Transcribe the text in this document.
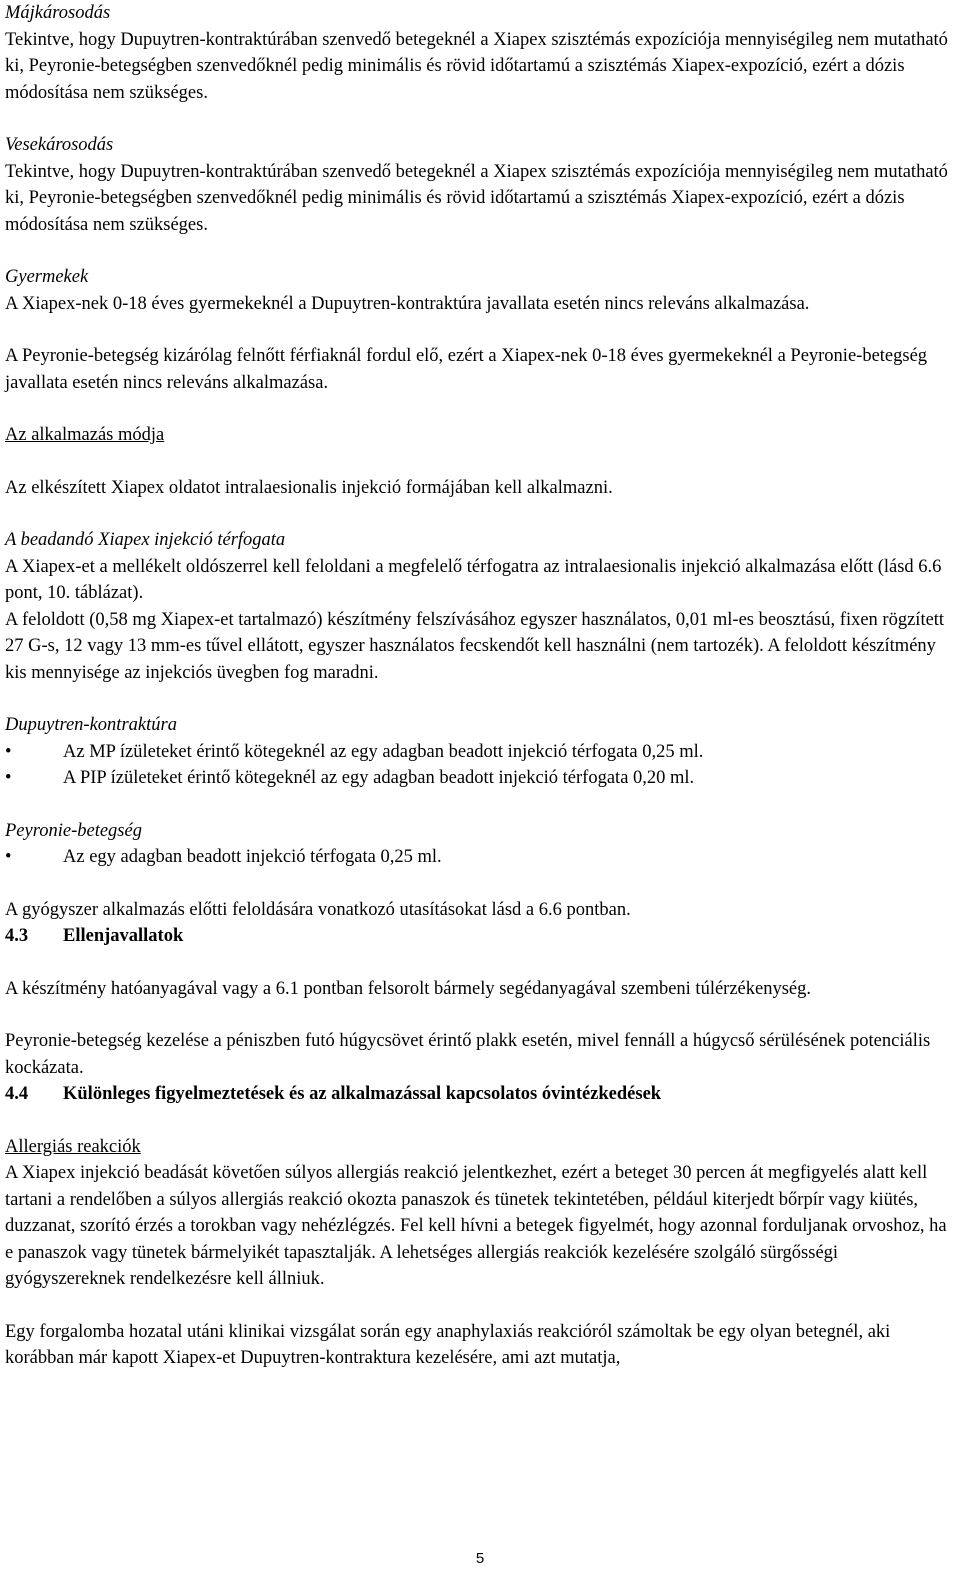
Májkárosodás

Tekintve, hogy Dupuytren-kontraktúrában szenvedő betegeknél a Xiapex szisztémás expozíciója mennyiségileg nem mutatható ki, Peyronie-betegségben szenvedőknél pedig minimális és rövid időtartamú a szisztémás Xiapex-expozíció, ezért a dózis módosítása nem szükséges.

Vesekárosodás

Tekintve, hogy Dupuytren-kontraktúrában szenvedő betegeknél a Xiapex szisztémás expozíciója mennyiségileg nem mutatható ki, Peyronie-betegségben szenvedőknél pedig minimális és rövid időtartamú a szisztémás Xiapex-expozíció, ezért a dózis módosítása nem szükséges.

Gyermekek

A Xiapex-nek 0-18 éves gyermekeknél a Dupuytren-kontraktúra javallata esetén nincs releváns alkalmazása.

A Peyronie-betegség kizárólag felnőtt férfiaknál fordul elő, ezért a Xiapex-nek 0-18 éves gyermekeknél a Peyronie-betegség javallata esetén nincs releváns alkalmazása.

Az alkalmazás módja

Az elkészített Xiapex oldatot intralaesionalis injekció formájában kell alkalmazni.

A beadandó Xiapex injekció térfogata

A Xiapex-et a mellékelt oldószerrel kell feloldani a megfelelő térfogatra az intralaesionalis injekció alkalmazása előtt (lásd 6.6 pont, 10. táblázat).

A feloldott (0,58 mg Xiapex-et tartalmazó) készítmény felszívásához egyszer használatos, 0,01 ml-es beosztású, fixen rögzített 27 G-s, 12 vagy 13 mm-es tűvel ellátott, egyszer használatos fecskendőt kell használni (nem tartozék). A feloldott készítmény kis mennyisége az injekciós üvegben fog maradni.

Dupuytren-kontraktúra

•	Az MP ízületeket érintő kötegeknél az egy adagban beadott injekció térfogata 0,25 ml.
•	A PIP ízületeket érintő kötegeknél az egy adagban beadott injekció térfogata 0,20 ml.

Peyronie-betegség

•	Az egy adagban beadott injekció térfogata 0,25 ml.

A gyógyszer alkalmazás előtti feloldására vonatkozó utasításokat lásd a 6.6 pontban.

4.3 Ellenjavallatok

A készítmény hatóanyagával vagy a 6.1 pontban felsorolt bármely segédanyagával szembeni túlérzékenység.

Peyronie-betegség kezelése a péniszben futó húgycsövet érintő plakk esetén, mivel fennáll a húgycső sérülésének potenciális kockázata.

4.4 Különleges figyelmeztetések és az alkalmazással kapcsolatos óvintézkedések

Allergiás reakciók

A Xiapex injekció beadását követően súlyos allergiás reakció jelentkezhet, ezért a beteget 30 percen át megfigyelés alatt kell tartani a rendelőben a súlyos allergiás reakció okozta panaszok és tünetek tekintetében, például kiterjedt bőrpír vagy kiütés, duzzanat, szorító érzés a torokban vagy nehézlégzés. Fel kell hívni a betegek figyelmét, hogy azonnal forduljanak orvoshoz, ha e panaszok vagy tünetek bármelyikét tapasztalják. A lehetséges allergiás reakciók kezelésére szolgáló sürgősségi gyógyszereknek rendelkezésre kell állniuk.

Egy forgalomba hozatal utáni klinikai vizsgálat során egy anaphylaxiás reakcióról számoltak be egy olyan betegnél, aki korábban már kapott Xiapex-et Dupuytren-kontraktura kezelésére, ami azt mutatja,

5
